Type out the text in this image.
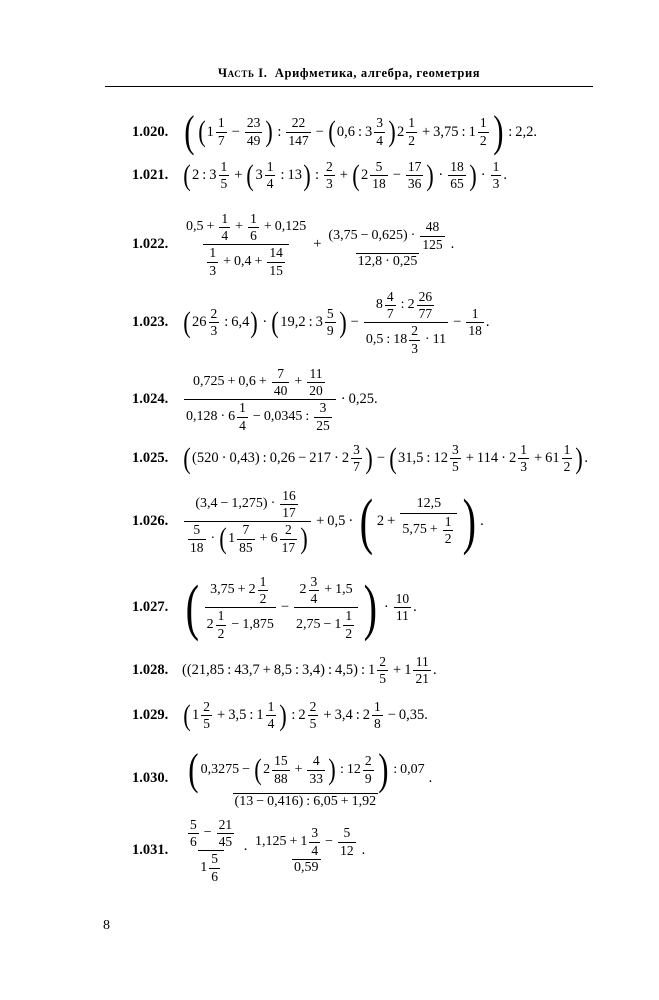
Часть I. Арифметика, алгебра, геометрия
1.020. ( ( 1
1
7
− $\frac{23}{49}$ ) :
22
147
− ( 0,6 : 3
3
4 ) 2
1
2
+ 3,75 : 1
1
2 ) : 2,2.
1.021. ( 2 : 3
1
5
+ ( 3
1
4
: 13 ) :
2
3
+ ( 2
5
18
− $\frac{17}{36}$ ) ·
18
65 ) ·
1
3
.
1.022.
$0,5 + \frac{1}{4} + \frac{1}{6} + 0,125$
1
3
+ $0,4 + \frac{14}{15}$
+ (3,75 − 0,625) ·
48
125
12,8 · 0,25 .
1.023. ( 26
2
3
: 6,4 ) · ( 19,2 : 3
5
9 ) − 8
4
7
: 2
26
77
0,5 : 18
2
3
· $11 - \frac{1}{18}$ .
1.024.
$0,725 + 0,6 + \frac{7}{40} + \frac{11}{20}$
0,128 · 6
1
4
− 0,0345 :
3
25
· 0,25.
1.025. ( (520 · 0,43) : 0,26 − 217 · 2
3
7 ) − ( 31,5 : 12
3
5
+ 114 · 2
1
3
+ $61 \frac{1}{2}$ ) .
1.026.
(3,4 − 1,275) ·
16
17
5
18
· ( 1
7
85
+ $6 \frac{2}{17}$ )
+ 0,5 · ( $2 + \frac{12,5}{5,75 + \frac{1}{2}}$ ) .
1.027. ( $3,75 + 2 \frac{1}{2}$
2
1
2
− 1,875
− 2
3
4
+ 1,5
$2,75 - 1 \frac{1}{2}$ ) ·
10
11
.
1.028. ((21,85 : 43,7 + 8,5 : 3,4) : 4,5) : 1
2
5
+ $1 \frac{11}{21}$ .
1.029. ( 1
2
5
+ 3,5 : 1
1
4 ) : 2
2
5
+ 3,4 : 2
1
8
− 0,35.
1.030. ( 0,3275 − ( 2
15
88
+ $\frac{4}{33}$ ) : 12
2
9 ) : 0,07
(13 − 0,416) : 6,05 + 1,92
.
1.031.
5
6
− $\frac{21}{45}$
1
5
6
·
$1,125 + 1 \frac{3}{4} - \frac{5}{12}$
0,59
.
8
